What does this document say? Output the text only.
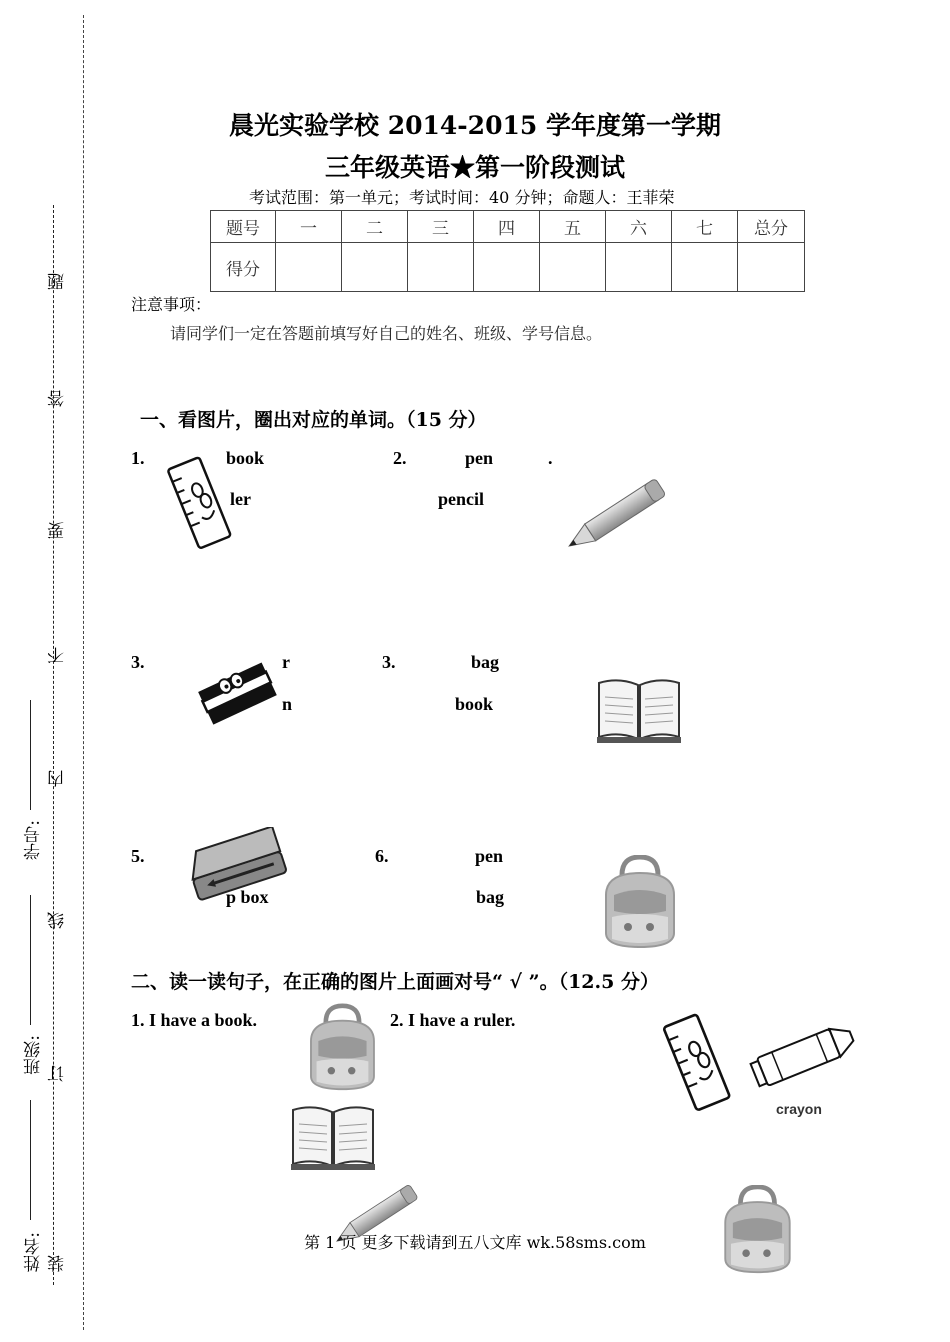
题
答
要
不
内
线
订
装
学号:
班级:
姓名:
晨光实验学校 2014-2015 学年度第一学期
三年级英语★第一阶段测试
考试范围：第一单元；考试时间：40 分钟；命题人：王菲荣
题号	一	二	三	四	五	六	七	总分
得分								
注意事项：
请同学们一定在答题前填写好自己的姓名、班级、学号信息。
一、看图片，圈出对应的单词。（15 分）
1.	book
ler
2.	pen	.
pencil
3.	r
n
3.	bag
book
5.
p box
6.	pen
bag
二、读一读句子，在正确的图片上面画对号“ √ ”。（12.5 分）
1. I have a book.	2. I have a ruler.
crayon
第 1 页 更多下载请到五八文库 wk.58sms.com
